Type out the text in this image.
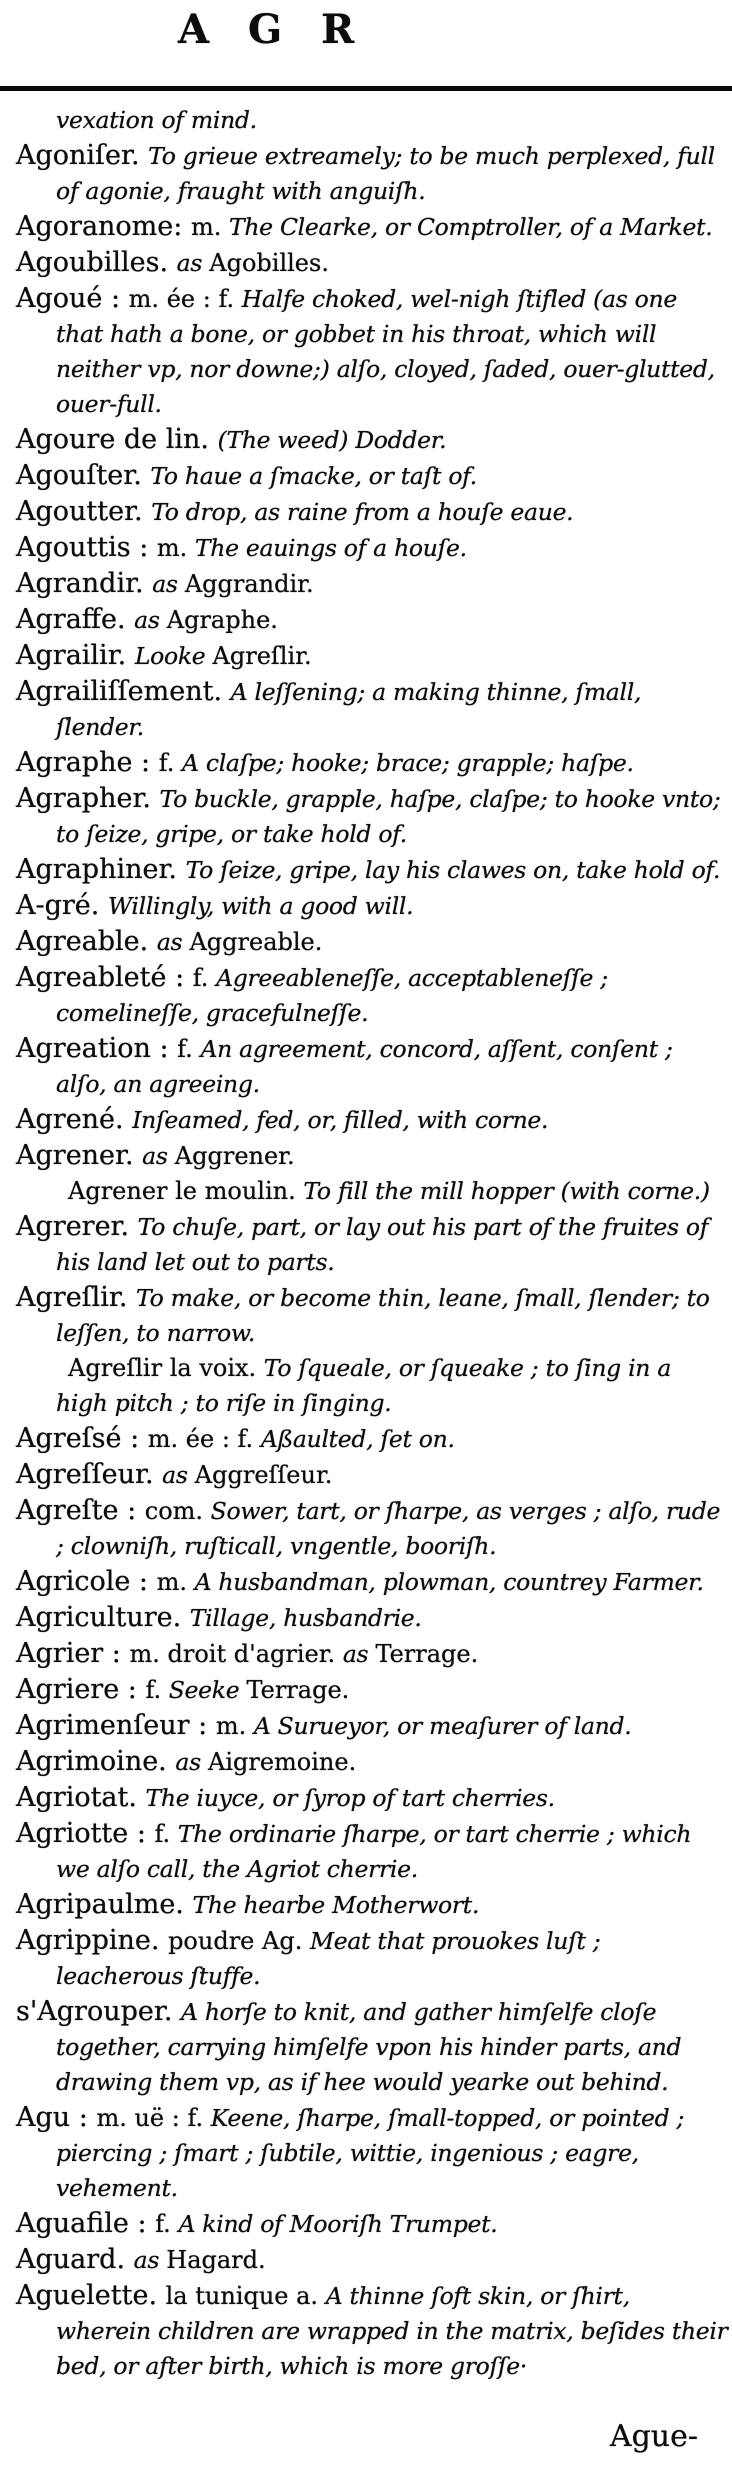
A G R
vexation of mind.
Agoniſer. To grieue extreamely; to be much perplexed, full of agonie, fraught with anguiſh.
Agoranome: m. The Clearke, or Comptroller, of a Market.
Agoubilles. as Agobilles.
Agoué : m. ée : f. Halfe choked, wel-nigh ſtifled (as one that hath a bone, or gobbet in his throat, which will neither vp, nor downe;) alſo, cloyed, ſaded, ouer-glutted, ouer-full.
Agoure de lin. (The weed) Dodder.
Agouſter. To haue a ſmacke, or taſt of.
Agoutter. To drop, as raine from a houſe eaue.
Agouttis : m. The eauings of a houſe.
Agrandir. as Aggrandir.
Agraffe. as Agraphe.
Agrailir. Looke Agreſlir.
Agrailiſſement. A leſſening; a making thinne, ſmall, ſlender.
Agraphe : f. A claſpe; hooke; brace; grapple; haſpe.
Agrapher. To buckle, grapple, haſpe, claſpe; to hooke vnto; to ſeize, gripe, or take hold of.
Agraphiner. To ſeize, gripe, lay his clawes on, take hold of.
A-gré. Willingly, with a good will.
Agreable. as Aggreable.
Agreableté : f. Agreeableneſſe, acceptableneſſe ; comelineſſe, gracefulneſſe.
Agreation : f. An agreement, concord, aſſent, conſent ; alſo, an agreeing.
Agrené. Inſeamed, fed, or, filled, with corne.
Agrener. as Aggrener.
Agrener le moulin. To fill the mill hopper (with corne.)
Agrerer. To chuſe, part, or lay out his part of the fruites of his land let out to parts.
Agreſlir. To make, or become thin, leane, ſmall, ſlender; to leſſen, to narrow.
Agreſlir la voix. To ſqueale, or ſqueake ; to ſing in a high pitch ; to riſe in ſinging.
Agreſsé : m. ée : f. Aßaulted, ſet on.
Agreſſeur. as Aggreſſeur.
Agreſte : com. Sower, tart, or ſharpe, as verges ; alſo, rude ; clowniſh, ruſticall, vngentle, booriſh.
Agricole : m. A husbandman, plowman, countrey Farmer.
Agriculture. Tillage, husbandrie.
Agrier : m. droit d'agrier. as Terrage.
Agriere : f. Seeke Terrage.
Agrimenſeur : m. A Surueyor, or meaſurer of land.
Agrimoine. as Aigremoine.
Agriotat. The iuyce, or ſyrop of tart cherries.
Agriotte : f. The ordinarie ſharpe, or tart cherrie ; which we alſo call, the Agriot cherrie.
Agripaulme. The hearbe Motherwort.
Agrippine. poudre Ag. Meat that prouokes luſt ; leacherous ſtuffe.
s'Agrouper. A horſe to knit, and gather himſelfe cloſe together, carrying himſelfe vpon his hinder parts, and drawing them vp, as if hee would yearke out behind.
Agu : m. uë : f. Keene, ſharpe, ſmall-topped, or pointed ; piercing ; ſmart ; ſubtile, wittie, ingenious ; eagre, vehement.
Aguafile : f. A kind of Mooriſh Trumpet.
Aguard. as Hagard.
Aguelette. la tunique a. A thinne ſoft skin, or ſhirt, wherein children are wrapped in the matrix, beſides their bed, or after birth, which is more groſſe·
Ague-
